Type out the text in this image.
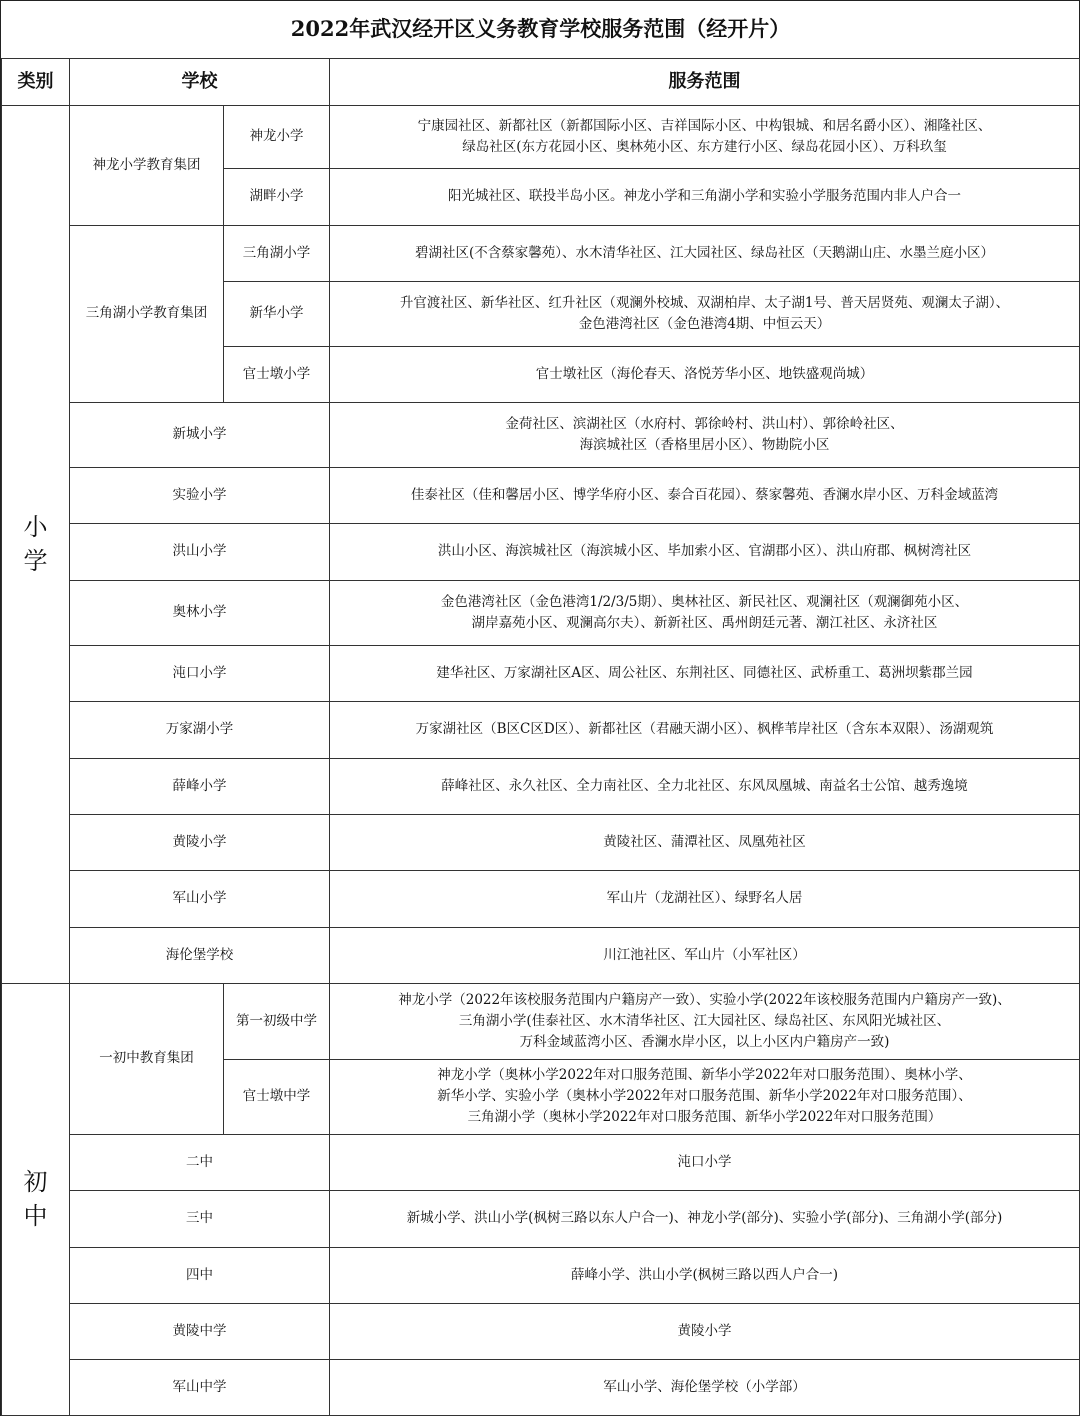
2022年武汉经开区义务教育学校服务范围（经开片）			
类别	学校		服务范围

小
学	神龙小学教育集团	神龙小学	宁康园社区、新都社区（新都国际小区、吉祥国际小区、中构银城、和居名爵小区）、湘隆社区、
绿岛社区(东方花园小区、奥林苑小区、东方建行小区、绿岛花园小区）、万科玖玺

		湖畔小学	阳光城社区、联投半岛小区。神龙小学和三角湖小学和实验小学服务范围内非人户合一

	三角湖小学教育集团	三角湖小学	碧湖社区(不含蔡家馨苑）、水木清华社区、江大园社区、绿岛社区（天鹅湖山庄、水墨兰庭小区）

		新华小学	升官渡社区、新华社区、红升社区（观澜外校城、双湖柏岸、太子湖1号、普天居贤苑、观澜太子湖）、
金色港湾社区（金色港湾4期、中恒云天）

		官士墩小学	官士墩社区（海伦春天、洛悦芳华小区、地铁盛观尚城）

	新城小学		金荷社区、滨湖社区（水府村、郭徐岭村、洪山村）、郭徐岭社区、
海滨城社区（香格里居小区）、物勘院小区

	实验小学		佳泰社区（佳和馨居小区、博学华府小区、泰合百花园）、蔡家馨苑、香澜水岸小区、万科金域蓝湾

	洪山小学		洪山小区、海滨城社区（海滨城小区、毕加索小区、官湖郡小区）、洪山府郡、枫树湾社区

	奥林小学		金色港湾社区（金色港湾1/2/3/5期）、奥林社区、新民社区、观澜社区（观澜御苑小区、
湖岸嘉苑小区、观澜高尔夫）、新新社区、禹州朗廷元著、潮江社区、永济社区

	沌口小学		建华社区、万家湖社区A区、周公社区、东荆社区、同德社区、武桥重工、葛洲坝紫郡兰园

	万家湖小学		万家湖社区（B区C区D区）、新都社区（君融天湖小区）、枫桦苇岸社区（含东本双限）、汤湖观筑

	薛峰小学		薛峰社区、永久社区、全力南社区、全力北社区、东风凤凰城、南益名士公馆、越秀逸境

	黄陵小学		黄陵社区、蒲潭社区、凤凰苑社区

	军山小学		军山片（龙湖社区）、绿野名人居

	海伦堡学校		川江池社区、军山片（小军社区）

初
中	一初中教育集团	第一初级中学	神龙小学（2022年该校服务范围内户籍房产一致）、实验小学(2022年该校服务范围内户籍房产一致)、
三角湖小学(佳泰社区、水木清华社区、江大园社区、绿岛社区、东风阳光城社区、
万科金域蓝湾小区、香澜水岸小区，以上小区内户籍房产一致)

		官士墩中学	神龙小学（奥林小学2022年对口服务范围、新华小学2022年对口服务范围）、奥林小学、
新华小学、实验小学（奥林小学2022年对口服务范围、新华小学2022年对口服务范围）、
三角湖小学（奥林小学2022年对口服务范围、新华小学2022年对口服务范围）

	二中		沌口小学

	三中		新城小学、洪山小学(枫树三路以东人户合一)、神龙小学(部分)、实验小学(部分)、三角湖小学(部分)

	四中		薛峰小学、洪山小学(枫树三路以西人户合一)

	黄陵中学		黄陵小学

	军山中学		军山小学、海伦堡学校（小学部）
